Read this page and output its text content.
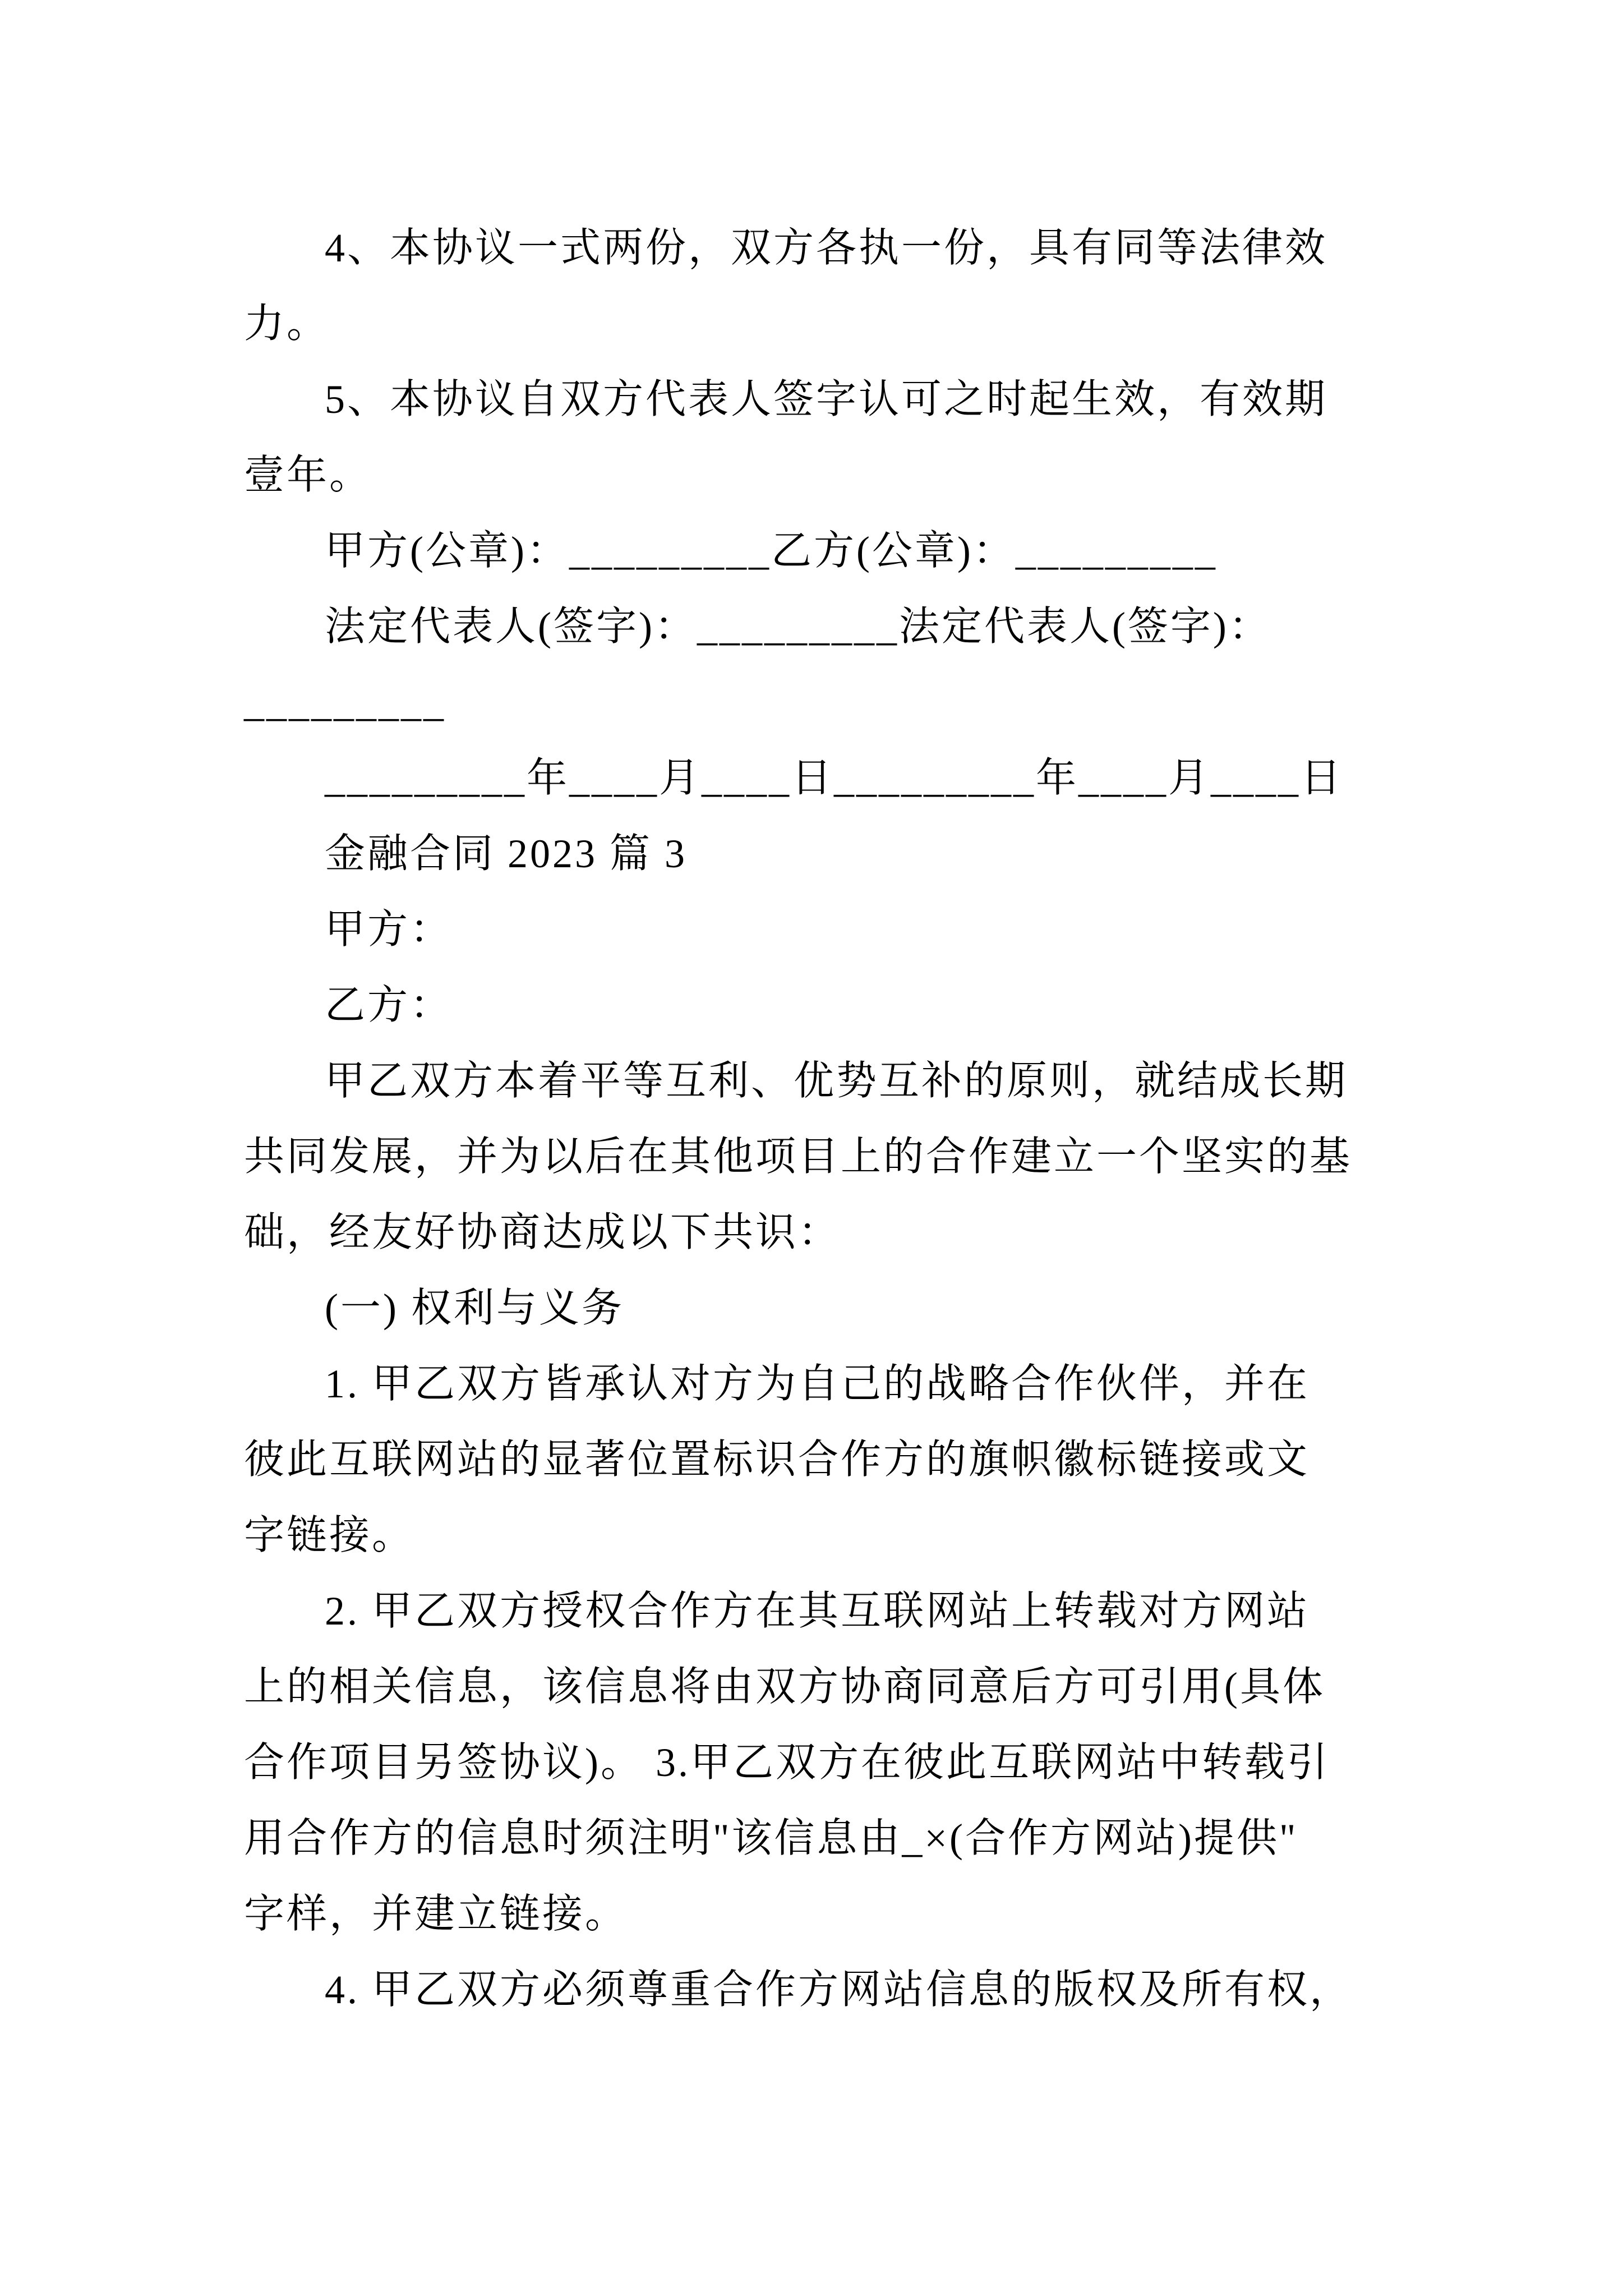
4、本协议一式两份，双方各执一份，具有同等法律效
力。
5、本协议自双方代表人签字认可之时起生效，有效期
壹年。
甲方(公章)：_________乙方(公章)：_________
法定代表人(签字)：_________法定代表人(签字)：
_________
_________年____月____日_________年____月____日
金融合同 2023 篇 3
甲方：
乙方：
甲乙双方本着平等互利、优势互补的原则，就结成长期
共同发展，并为以后在其他项目上的合作建立一个坚实的基
础，经友好协商达成以下共识：
(一) 权利与义务
1. 甲乙双方皆承认对方为自己的战略合作伙伴，并在
彼此互联网站的显著位置标识合作方的旗帜徽标链接或文
字链接。
2. 甲乙双方授权合作方在其互联网站上转载对方网站
上的相关信息，该信息将由双方协商同意后方可引用(具体
合作项目另签协议)。 3.甲乙双方在彼此互联网站中转载引
用合作方的信息时须注明"该信息由_×(合作方网站)提供"
字样，并建立链接。
4. 甲乙双方必须尊重合作方网站信息的版权及所有权，
